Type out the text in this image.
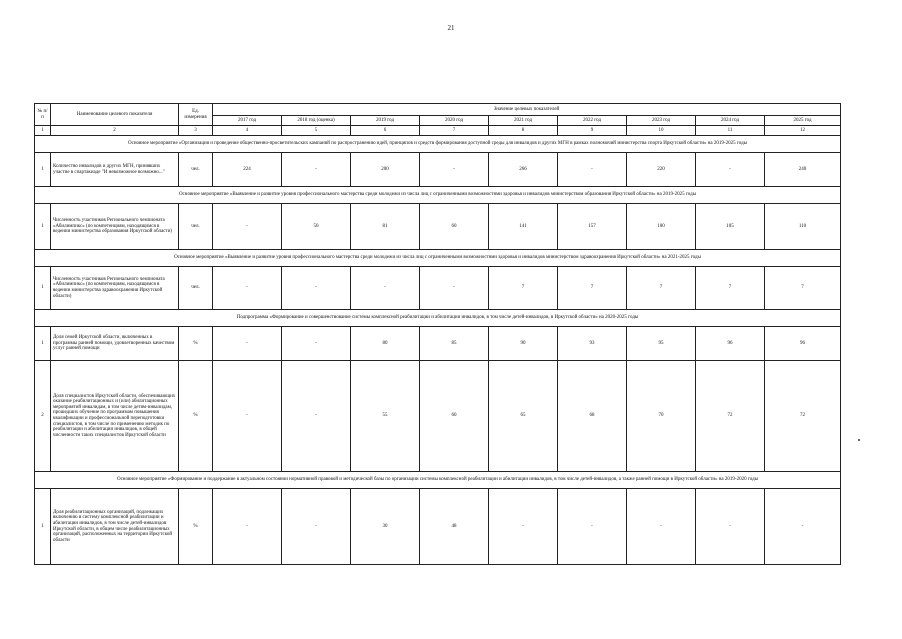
21
№ п/п	Наименование целевого показателя	Ед. измерения	Значение целевых показателей								
			2017 год	2018 год (оценка)	2019 год	2020 год	2021 год	2022 год	2023 год	2024 год	2025 год
1	2	3	4	5	6	7	8	9	10	11	12
Основное мероприятие «Организация и проведение общественно-просветительских кампаний по распространению идей, принципов и средств формирования доступной среды для инвалидов и других МГН в рамках полномочий министерства спорта Иркутской области» на 2019-2025 годы											
1	Количество инвалидов и других МГН, принявших участие в спартакиаде "И невозможное возможно..."	чел.	224	-	200	-	266	-	220	-	240
Основное мероприятие «Выявление и развитие уровня профессионального мастерства среди молодежи из числа лиц с ограниченными возможностями здоровья и инвалидов министерством образования Иркутской области» на 2019-2025 годы											
1	Численность участников Регионального чемпионата «Абилимпикс» (по компетенциям, находящимся в ведении министерства образования Иркутской области)	чел.	-	50	81	60	141	157	100	105	110
Основное мероприятие «Выявление и развитие уровня профессионального мастерства среди молодежи из числа лиц с ограниченными возможностями здоровья и инвалидов министерством здравоохранения Иркутской области» на 2021-2025 годы											
1	Численность участников Регионального чемпионата «Абилимпикс» (по компетенциям, находящимся в ведении министерства здравоохранения Иркутской области)	чел.	-	-	-	-	7	7	7	7	7
Подпрограмма «Формирование и совершенствование системы комплексной реабилитации и абилитации инвалидов, в том числе детей-инвалидов, в Иркутской области» на 2020-2025 годы											
1	Доля семей Иркутской области, включенных в программы ранней помощи, удовлетворенных качеством услуг ранней помощи	%	-	-	80	85	90	93	95	96	96
2	Доля специалистов Иркутской области, обеспечивающих оказание реабилитационных и (или) абилитационных мероприятий инвалидам, в том числе детям-инвалидам, прошедших обучение по программам повышения квалификации и профессиональной переподготовки специалистов, в том числе по применению методик по реабилитации и абилитации инвалидов, в общей численности таких специалистов Иркутской области	%	-	-	55	60	65	68	70	72	72
Основное мероприятие «Формирование и поддержание в актуальном состоянии нормативной правовой и методической базы по организации системы комплексной реабилитации и абилитации инвалидов, в том числе детей-инвалидов, а также ранней помощи в Иркутской области» на 2019-2020 годы											
1	Доля реабилитационных организаций, подлежащих включению в систему комплексной реабилитации и абилитации инвалидов, в том числе детей-инвалидов Иркутской области, в общем числе реабилитационных организаций, расположенных на территории Иркутской области	%	-	-	30	48	-	-	-	-	-
